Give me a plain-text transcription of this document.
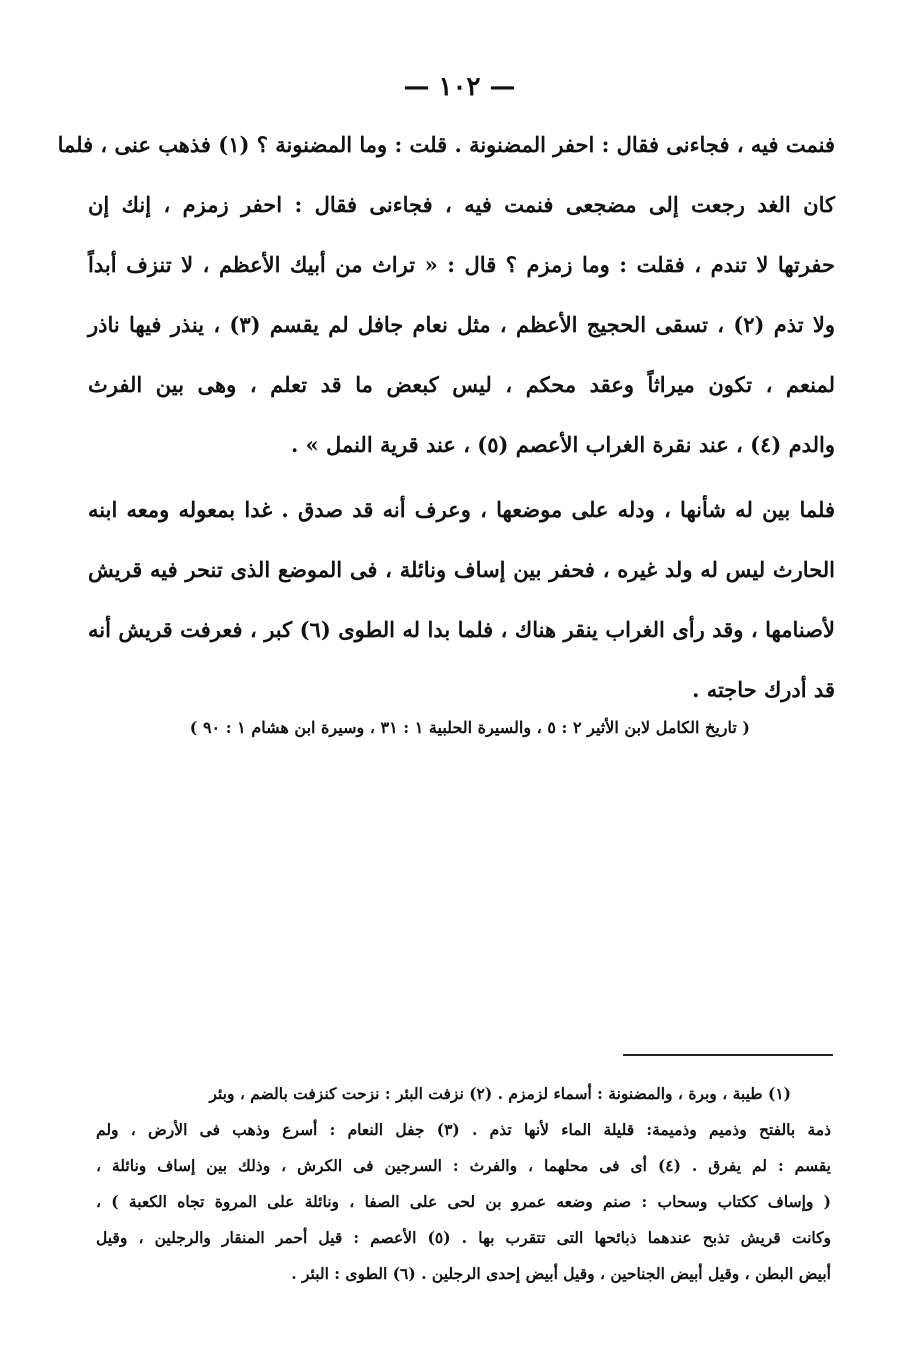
— ١٠٢ —
فنمت فيه ، فجاءنى فقال : احفر المضنونة . قلت : وما المضنونة ؟ (١) فذهب عنى ، فلما
كان الغد رجعت إلى مضجعى فنمت فيه ، فجاءنى فقال : احفر زمزم ، إنك إن
حفرتها لا تندم ، فقلت : وما زمزم ؟ قال : « تراث من أبيك الأعظم ، لا تنزف أبداً
ولا تذم (٢) ، تسقى الحجيج الأعظم ، مثل نعام جافل لم يقسم (٣) ، ينذر فيها ناذر
لمنعم ، تكون ميراثاً وعقد محكم ، ليس كبعض ما قد تعلم ، وهى بين الفرث
والدم (٤) ، عند نقرة الغراب الأعصم (٥) ، عند قرية النمل » .
فلما بين له شأنها ، ودله على موضعها ، وعرف أنه قد صدق . غدا بمعوله ومعه ابنه
الحارث ليس له ولد غيره ، فحفر بين إساف ونائلة ، فى الموضع الذى تنحر فيه قريش
لأصنامها ، وقد رأى الغراب ينقر هناك ، فلما بدا له الطوى (٦) كبر ، فعرفت قريش أنه
قد أدرك حاجته .
( تاريخ الكامل لابن الأثير ٢ : ٥ ، والسيرة الحلبية ١ : ٣١ ، وسيرة ابن هشام ١ : ٩٠ )
(١) طيبة ، وبرة ، والمضنونة : أسماء لزمزم . (٢) نزفت البئر : نزحت كنزفت بالضم ، وبئر
ذمة بالفتح وذميم وذميمة: قليلة الماء لأنها تذم . (٣) جفل النعام : أسرع وذهب فى الأرض ، ولم
يقسم : لم يفرق . (٤) أى فى محلهما ، والفرث : السرجين فى الكرش ، وذلك بين إساف ونائلة ،
( وإساف ككتاب وسحاب : صنم وضعه عمرو بن لحى على الصفا ، ونائلة على المروة تجاه الكعبة ) ،
وكانت قريش تذبح عندهما ذبائحها التى تتقرب بها . (٥) الأعصم : قيل أحمر المنقار والرجلين ، وقيل
أبيض البطن ، وقيل أبيض الجناحين ، وقيل أبيض إحدى الرجلين . (٦) الطوى : البئر .
